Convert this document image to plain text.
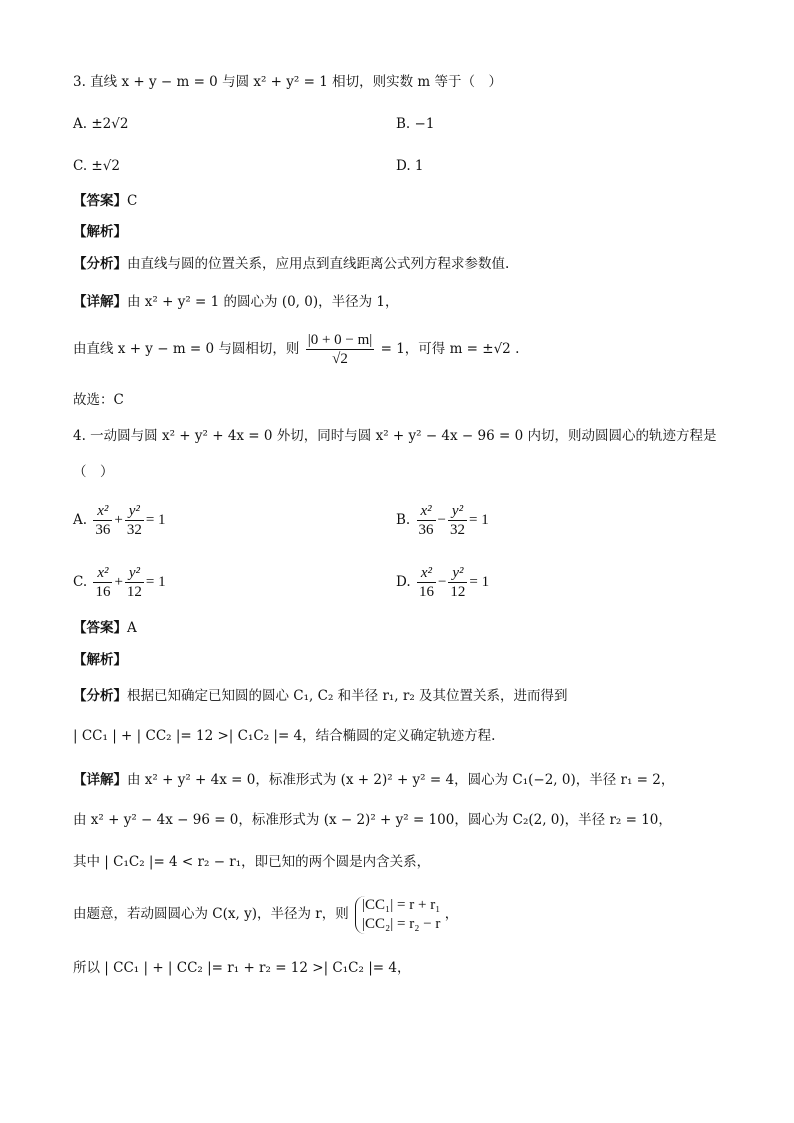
3. 直线 x + y − m = 0 与圆 x² + y² = 1 相切，则实数 m 等于（　）
A. ±2√2	B. −1
C. ±√2	D. 1
【答案】C
【解析】
【分析】由直线与圆的位置关系，应用点到直线距离公式列方程求参数值.
【详解】由 x² + y² = 1 的圆心为 (0, 0)，半径为 1，
由直线 x + y − m = 0 与圆相切，则 $\frac{|0 + 0 - m|}{√2} = 1$，可得 m = ±√2 .
故选：C
4. 一动圆与圆 x² + y² + 4x = 0 外切，同时与圆 x² + y² − 4x − 96 = 0 内切，则动圆圆心的轨迹方程是
（　）
A. $\frac{\text{x²}}{36} + \frac{\text{y²}}{32} = 1$	B. $\frac{\text{x²}}{36} - \frac{\text{y²}}{32} = 1$
C. $\frac{\text{x²}}{16} + \frac{\text{y²}}{12} = 1$	D. $\frac{\text{x²}}{16} - \frac{\text{y²}}{12} = 1$
【答案】A
【解析】
【分析】根据已知确定已知圆的圆心 C₁, C₂ 和半径 r₁, r₂ 及其位置关系，进而得到
| CC₁ | + | CC₂ |= 12 >| C₁C₂ |= 4，结合椭圆的定义确定轨迹方程.
【详解】由 x² + y² + 4x = 0，标准形式为 (x + 2)² + y² = 4，圆心为 C₁(−2, 0)，半径 r₁ = 2，
由 x² + y² − 4x − 96 = 0，标准形式为 (x − 2)² + y² = 100，圆心为 C₂(2, 0)，半径 r₂ = 10，
其中 | C₁C₂ |= 4 < r₂ − r₁，即已知的两个圆是内含关系，
由题意，若动圆圆心为 C(x, y)，半径为 r，则
|CC₁| = r + r₁
|CC₂| = r₂ − r
，
所以 | CC₁ | + | CC₂ |= r₁ + r₂ = 12 >| C₁C₂ |= 4，
